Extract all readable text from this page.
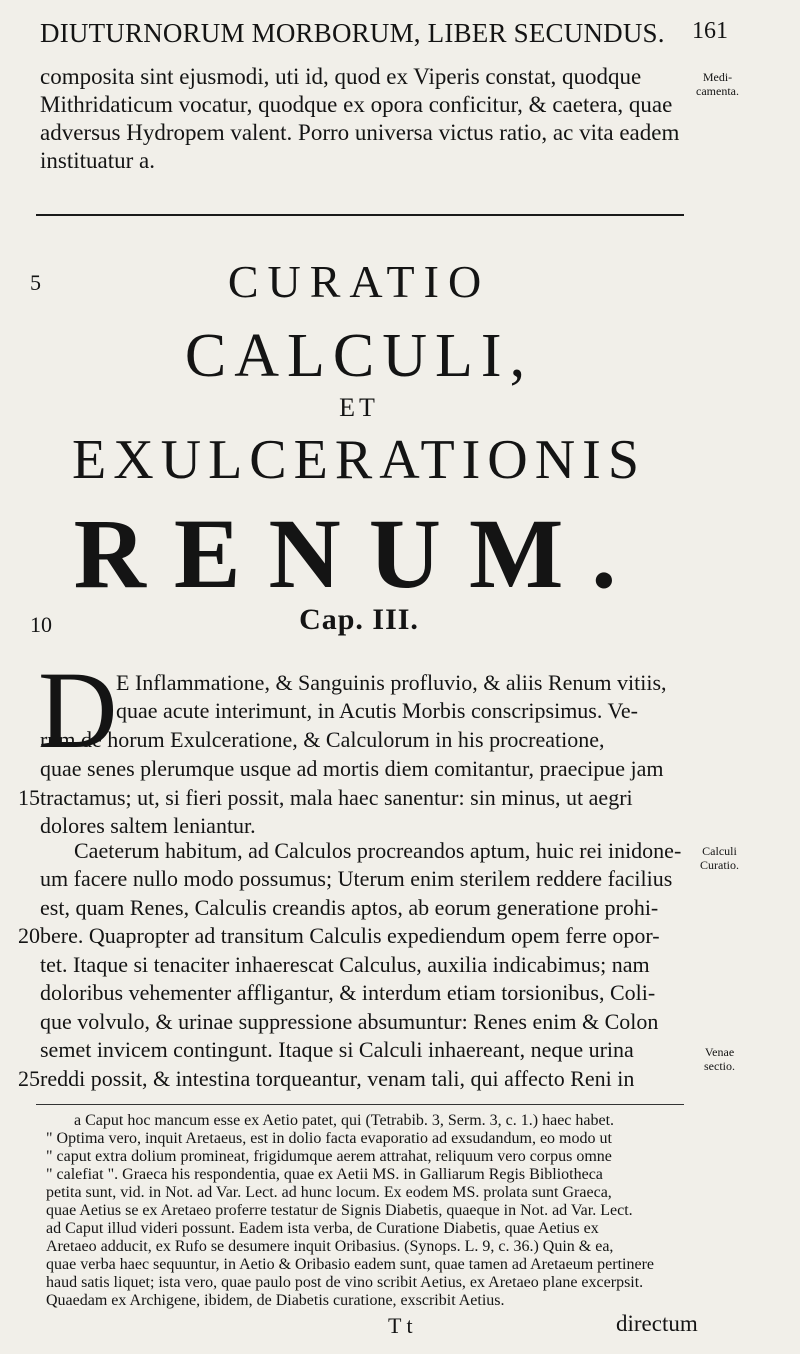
DIUTURNORUM MORBORUM, LIBER SECUNDUS. 161
composita sint ejusmodi, uti id, quod ex Viperis constat, quodque
Mithridaticum vocatur, quodque ex opora conficitur, & caetera, quae
adversus Hydropem valent. Porro universa victus ratio, ac vita eadem
instituatur a.
Medi-
camenta.
5	CURATIO
CALCULI,
ET
EXULCERATIONIS
RENUM.
10	Cap. III.
D
E Inflammatione, & Sanguinis profluvio, & aliis Renum vitiis,
quae acute interimunt, in Acutis Morbis conscripsimus. Ve-
rum de horum Exulceratione, & Calculorum in his procreatione,
quae senes plerumque usque ad mortis diem comitantur, praecipue jam
15 tractamus; ut, si fieri possit, mala haec sanentur: sin minus, ut aegri
dolores saltem leniantur.
Caeterum habitum, ad Calculos procreandos aptum, huic rei inidone-
um facere nullo modo possumus; Uterum enim sterilem reddere facilius
est, quam Renes, Calculis creandis aptos, ab eorum generatione prohi-
20 bere. Quapropter ad transitum Calculis expediendum opem ferre opor-
tet. Itaque si tenaciter inhaerescat Calculus, auxilia indicabimus; nam
doloribus vehementer affligantur, & interdum etiam torsionibus, Coli-
que volvulo, & urinae suppressione absumuntur: Renes enim & Colon
semet invicem contingunt. Itaque si Calculi inhaereant, neque urina
25 reddi possit, & intestina torqueantur, venam tali, qui affecto Reni in
Calculi
Curatio.
Venae
sectio.
a Caput hoc mancum esse ex Aetio patet, qui (Tetrabib. 3, Serm. 3, c. 1.) haec habet.
" Optima vero, inquit Aretaeus, est in dolio facta evaporatio ad exsudandum, eo modo ut
" caput extra dolium promineat, frigidumque aerem attrahat, reliquum vero corpus omne
" calefiat ". Graeca his respondentia, quae ex Aetii MS. in Galliarum Regis Bibliotheca
petita sunt, vid. in Not. ad Var. Lect. ad hunc locum. Ex eodem MS. prolata sunt Graeca,
quae Aetius se ex Aretaeo proferre testatur de Signis Diabetis, quaeque in Not. ad Var. Lect.
ad Caput illud videri possunt. Eadem ista verba, de Curatione Diabetis, quae Aetius ex
Aretaeo adducit, ex Rufo se desumere inquit Oribasius. (Synops. L. 9, c. 36.) Quin & ea,
quae verba haec sequuntur, in Aetio & Oribasio eadem sunt, quae tamen ad Aretaeum pertinere
haud satis liquet; ista vero, quae paulo post de vino scribit Aetius, ex Aretaeo plane excerpsit.
Quaedam ex Archigene, ibidem, de Diabetis curatione, exscribit Aetius.
T t	directum
